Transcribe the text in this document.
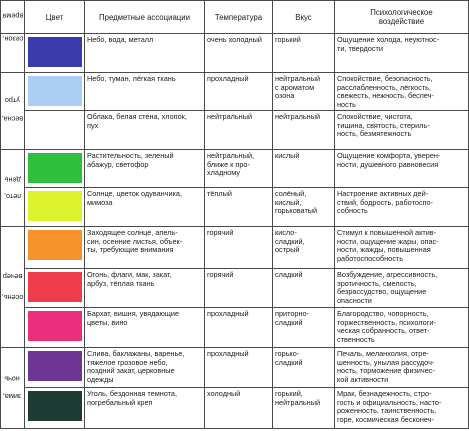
сезон, время	Цвет	Предметные ассоциации	Температура	Вкус	Психологическое
воздействие

		Небо, вода, металл	очень холодный	горький	Ощущение холода, неуютнос-
ти, твердости

весна,утро		Небо, туман, лёгкая ткань	прохладный	нейтральный
с ароматом
озона	Спокойствие, безопасность,
расслабленность, лёгкость,
свежесть, нежность, беспеч-
ность

		Облака, белая стена, хлопок,
пух	нейтральный	нейтральный	Спокойствие, чистота,
тишина, святость, стериль-
ность, безмятежность

лето,день		Растительность, зеленый
абажур, светофор	нейтральный,
ближе к про-
хладному	кислый	Ощущение комфорта, уверен-
ности, душевного равновесия

		Солнце, цветок одуванчика,
мимоза	тёплый	солёный,
кислый,
горьковатый	Настроение активных дей-
ствий, бодрость, работоспо-
собность

осень,вечер		Заходящее солнце, апель-
син, осенние листья, объек-
ты, требующие внимания	горячий	кисло-
сладкий,
острый	Стимул к повышенной актив-
ности, ощущение жары, опас-
ности, жажды, повышенная
работоспособность

		Огонь, флаги, мак, закат,
арбуз, тёплая ткань	горячий	сладкий	Возбуждение, агрессивность,
эротичность, смелость,
безрассудство, ощущение
опасности

		Бархат, вишня, увядающие
цветы, вино	прохладный	приторно-
сладкий	Благородство, чопорность,
торжественность, психологи-
ческая собранность, ответ-
ственность

зима,ночь		Слива, баклажаны, варенье,
тяжелое грозовое небо,
поздний закат, церковные
одежды	прохладный	горько-
сладкий	Печаль, меланхолия, отре-
шенность, унылая рассудоч-
ность, торможение физичес-
кой активности

		Уголь, бездонная темнота,
погребальный креп	холодный	горький,
нейтральный	Мрак, безнадежность, стро-
гость и официальность, насто-
роженность, таинственность,
горе, космическая бесконеч-
